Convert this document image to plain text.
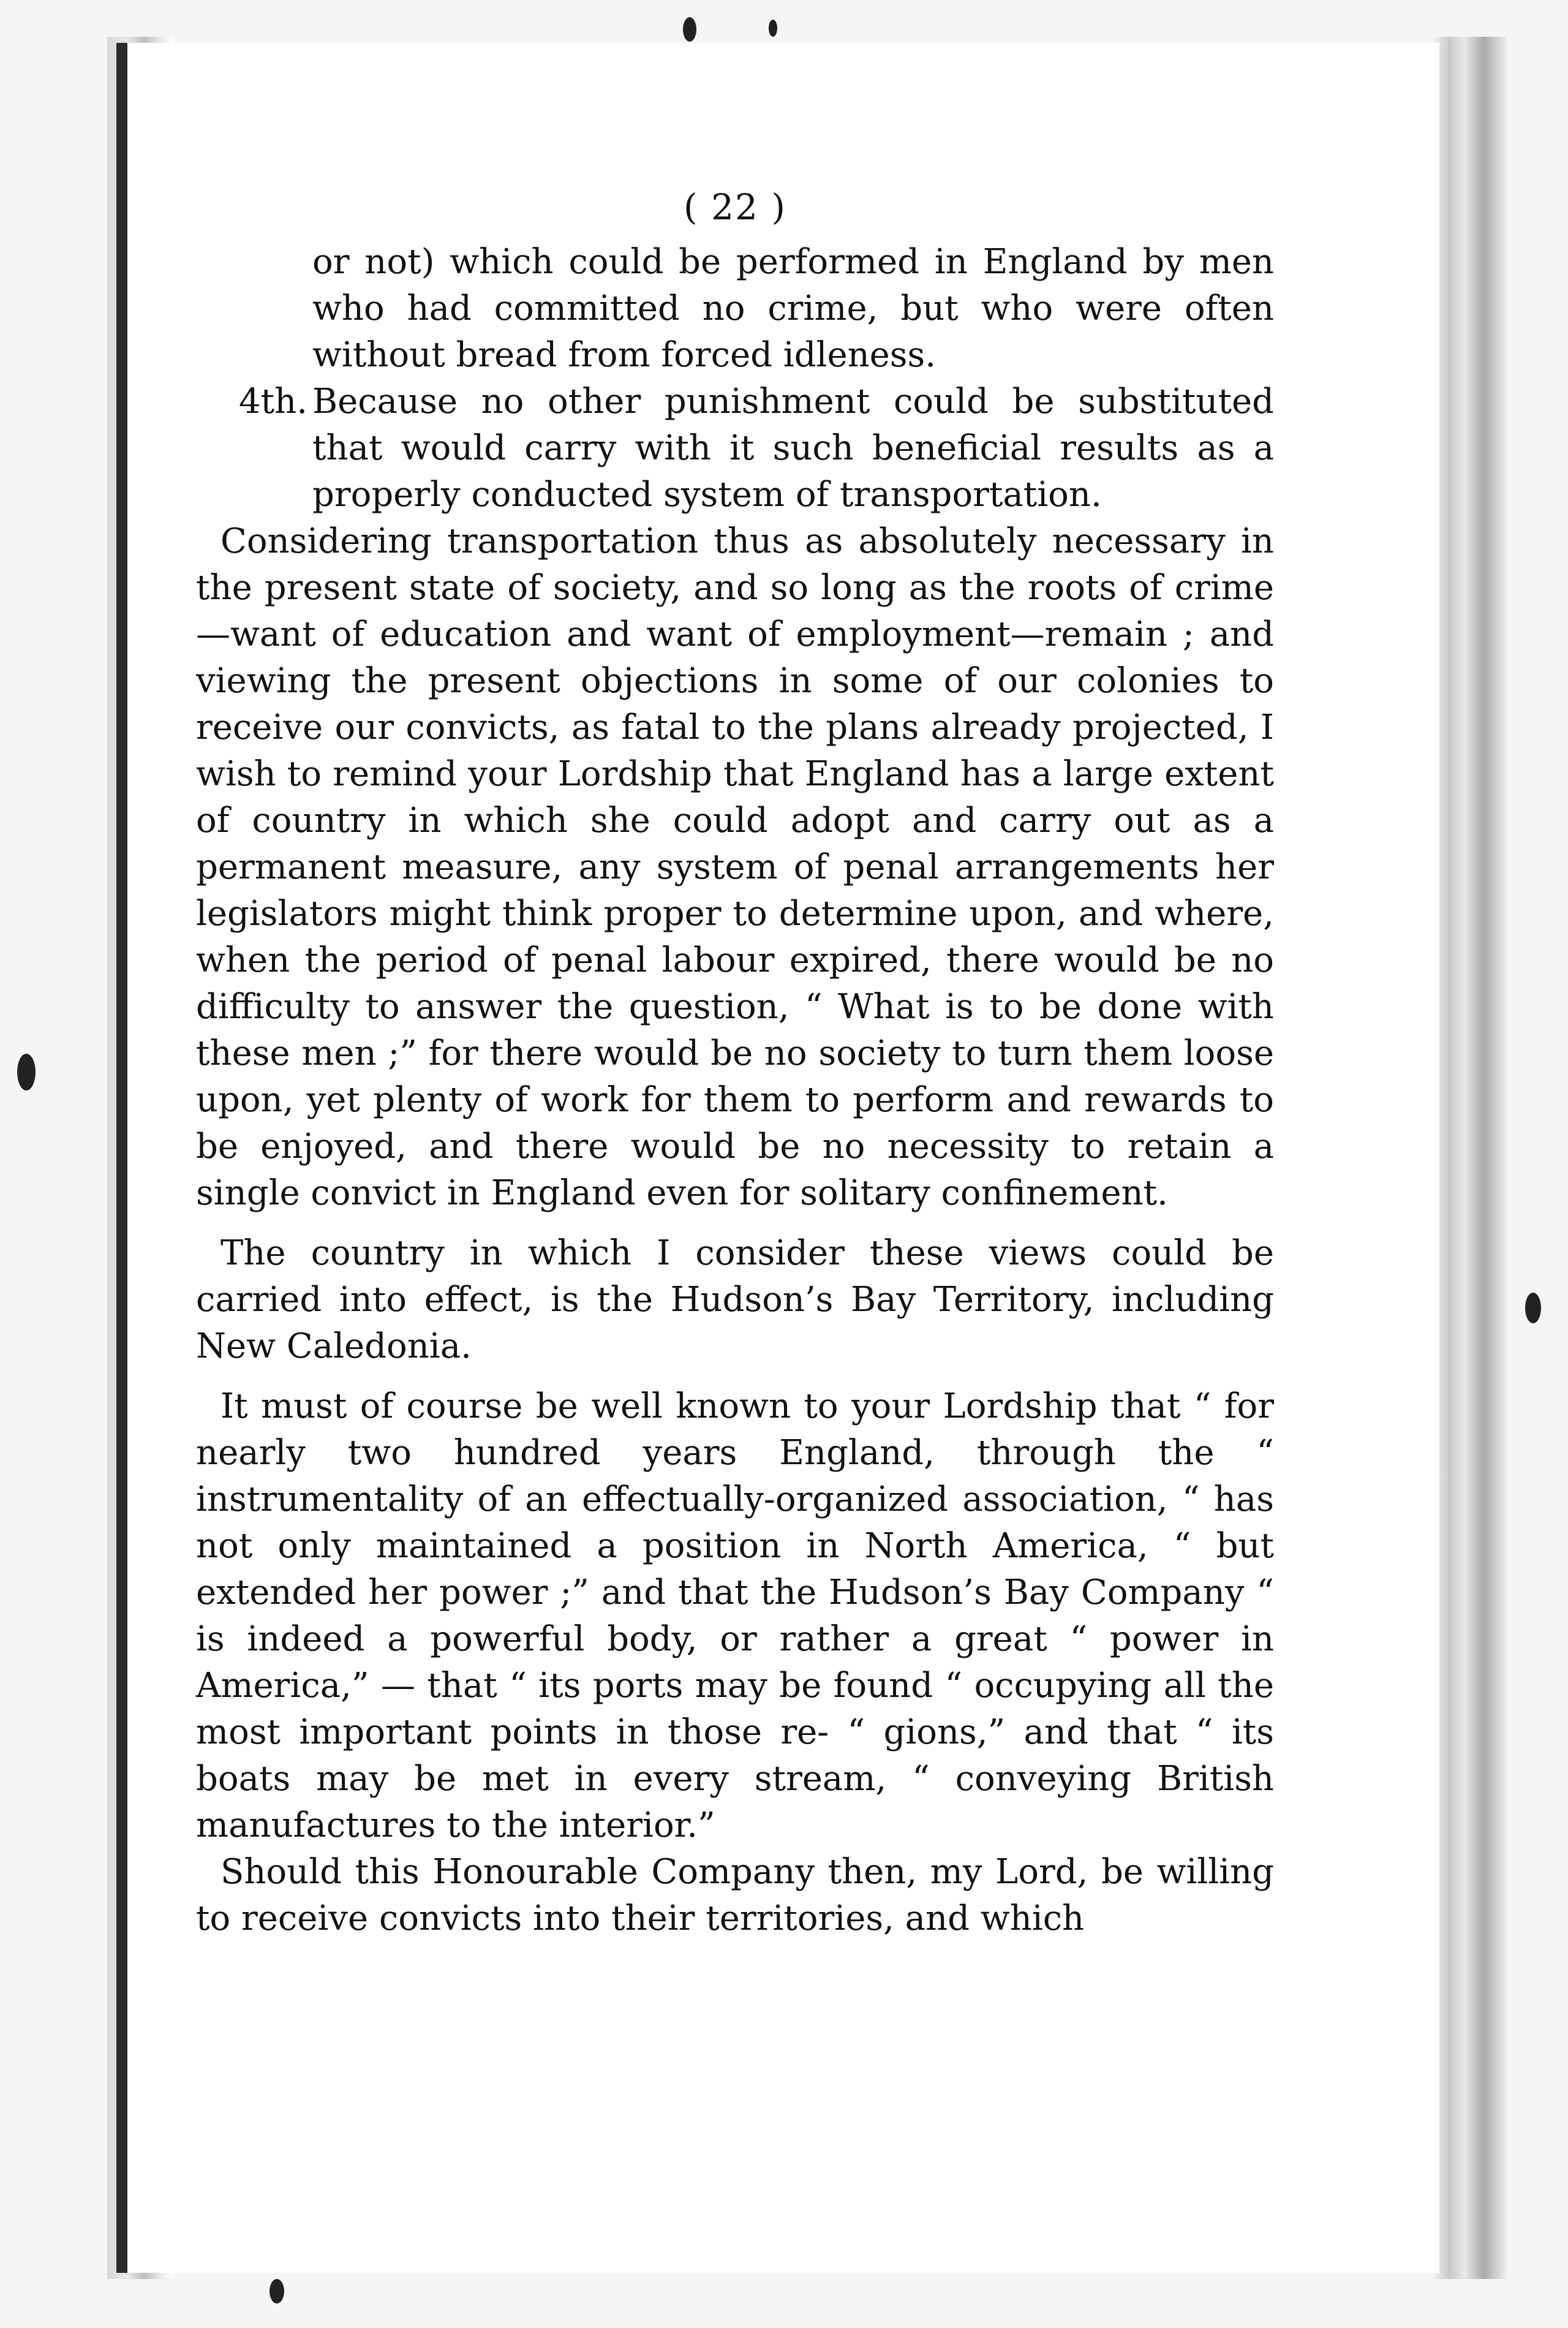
( 22 )

or not) which could be performed in England by men who had committed no crime, but who were often without bread from forced idleness.

4th. Because no other punishment could be substituted that would carry with it such beneficial results as a properly conducted system of transportation.

Considering transportation thus as absolutely necessary in the present state of society, and so long as the roots of crime—want of education and want of employment—remain ; and viewing the present objections in some of our colonies to receive our convicts, as fatal to the plans already projected, I wish to remind your Lordship that England has a large extent of country in which she could adopt and carry out as a permanent measure, any system of penal arrangements her legislators might think proper to determine upon, and where, when the period of penal labour expired, there would be no difficulty to answer the question, “ What is to be done with these men ;” for there would be no society to turn them loose upon, yet plenty of work for them to perform and rewards to be enjoyed, and there would be no necessity to retain a single convict in England even for solitary confinement.

The country in which I consider these views could be carried into effect, is the Hudson’s Bay Territory, including New Caledonia.

It must of course be well known to your Lordship that “ for nearly two hundred years England, through the “ instrumentality of an effectually-organized association, “ has not only maintained a position in North America, “ but extended her power ;” and that the Hudson’s Bay Company “ is indeed a powerful body, or rather a great “ power in America,” — that “ its ports may be found “ occupying all the most important points in those re- “ gions,” and that “ its boats may be met in every stream, “ conveying British manufactures to the interior.”

Should this Honourable Company then, my Lord, be willing to receive convicts into their territories, and which
